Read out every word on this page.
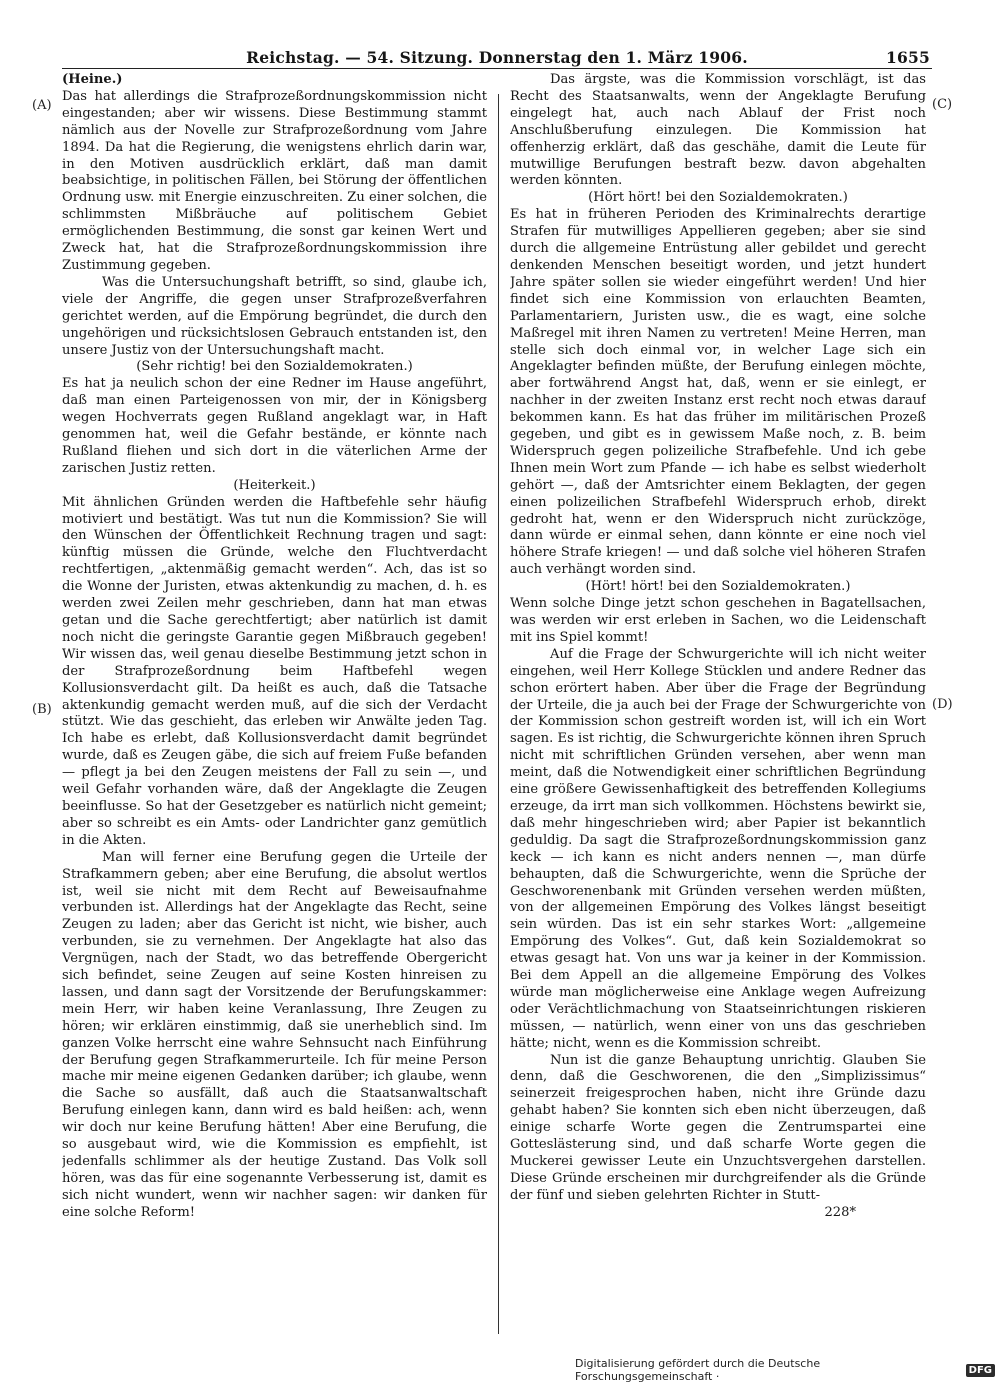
Reichstag. — 54. Sitzung. Donnerstag den 1. März 1906.	1655
(A)
(B)
(C)
(D)

(Heine.)

Das hat allerdings die Strafprozeßordnungskommission nicht eingestanden; aber wir wissens. Diese Bestimmung stammt nämlich aus der Novelle zur Strafprozeßordnung vom Jahre 1894. Da hat die Regierung, die wenigstens ehrlich darin war, in den Motiven ausdrücklich erklärt, daß man damit beabsichtige, in politischen Fällen, bei Störung der öffentlichen Ordnung usw. mit Energie einzuschreiten. Zu einer solchen, die schlimmsten Mißbräuche auf politischem Gebiet ermöglichenden Bestimmung, die sonst gar keinen Wert und Zweck hat, hat die Strafprozeßordnungskommission ihre Zustimmung gegeben.

Was die Untersuchungshaft betrifft, so sind, glaube ich, viele der Angriffe, die gegen unser Strafprozeßverfahren gerichtet werden, auf die Empörung begründet, die durch den ungehörigen und rücksichtslosen Gebrauch entstanden ist, den unsere Justiz von der Untersuchungshaft macht.

(Sehr richtig! bei den Sozialdemokraten.)

Es hat ja neulich schon der eine Redner im Hause angeführt, daß man einen Parteigenossen von mir, der in Königsberg wegen Hochverrats gegen Rußland angeklagt war, in Haft genommen hat, weil die Gefahr bestände, er könnte nach Rußland fliehen und sich dort in die väterlichen Arme der zarischen Justiz retten.

(Heiterkeit.)

Mit ähnlichen Gründen werden die Haftbefehle sehr häufig motiviert und bestätigt. Was tut nun die Kommission? Sie will den Wünschen der Öffentlichkeit Rechnung tragen und sagt: künftig müssen die Gründe, welche den Fluchtverdacht rechtfertigen, „aktenmäßig gemacht werden“. Ach, das ist so die Wonne der Juristen, etwas aktenkundig zu machen, d. h. es werden zwei Zeilen mehr geschrieben, dann hat man etwas getan und die Sache gerechtfertigt; aber natürlich ist damit noch nicht die geringste Garantie gegen Mißbrauch gegeben! Wir wissen das, weil genau dieselbe Bestimmung jetzt schon in der Strafprozeßordnung beim Haftbefehl wegen Kollusionsverdacht gilt. Da heißt es auch, daß die Tatsache aktenkundig gemacht werden muß, auf die sich der Verdacht stützt. Wie das geschieht, das erleben wir Anwälte jeden Tag. Ich habe es erlebt, daß Kollusionsverdacht damit begründet wurde, daß es Zeugen gäbe, die sich auf freiem Fuße befanden — pflegt ja bei den Zeugen meistens der Fall zu sein —, und weil Gefahr vorhanden wäre, daß der Angeklagte die Zeugen beeinflusse. So hat der Gesetzgeber es natürlich nicht gemeint; aber so schreibt es ein Amts- oder Landrichter ganz gemütlich in die Akten.

Man will ferner eine Berufung gegen die Urteile der Strafkammern geben; aber eine Berufung, die absolut wertlos ist, weil sie nicht mit dem Recht auf Beweisaufnahme verbunden ist. Allerdings hat der Angeklagte das Recht, seine Zeugen zu laden; aber das Gericht ist nicht, wie bisher, auch verbunden, sie zu vernehmen. Der Angeklagte hat also das Vergnügen, nach der Stadt, wo das betreffende Obergericht sich befindet, seine Zeugen auf seine Kosten hinreisen zu lassen, und dann sagt der Vorsitzende der Berufungskammer: mein Herr, wir haben keine Veranlassung, Ihre Zeugen zu hören; wir erklären einstimmig, daß sie unerheblich sind. Im ganzen Volke herrscht eine wahre Sehnsucht nach Einführung der Berufung gegen Strafkammerurteile. Ich für meine Person mache mir meine eigenen Gedanken darüber; ich glaube, wenn die Sache so ausfällt, daß auch die Staatsanwaltschaft Berufung einlegen kann, dann wird es bald heißen: ach, wenn wir doch nur keine Berufung hätten! Aber eine Berufung, die so ausgebaut wird, wie die Kommission es empfiehlt, ist jedenfalls schlimmer als der heutige Zustand. Das Volk soll hören, was das für eine sogenannte Verbesserung ist, damit es sich nicht wundert, wenn wir nachher sagen: wir danken für eine solche Reform!

Das ärgste, was die Kommission vorschlägt, ist das Recht des Staatsanwalts, wenn der Angeklagte Berufung eingelegt hat, auch nach Ablauf der Frist noch Anschlußberufung einzulegen. Die Kommission hat offenherzig erklärt, daß das geschähe, damit die Leute für mutwillige Berufungen bestraft bezw. davon abgehalten werden könnten.

(Hört hört! bei den Sozialdemokraten.)

Es hat in früheren Perioden des Kriminalrechts derartige Strafen für mutwilliges Appellieren gegeben; aber sie sind durch die allgemeine Entrüstung aller gebildet und gerecht denkenden Menschen beseitigt worden, und jetzt hundert Jahre später sollen sie wieder eingeführt werden! Und hier findet sich eine Kommission von erlauchten Beamten, Parlamentariern, Juristen usw., die es wagt, eine solche Maßregel mit ihren Namen zu vertreten! Meine Herren, man stelle sich doch einmal vor, in welcher Lage sich ein Angeklagter befinden müßte, der Berufung einlegen möchte, aber fortwährend Angst hat, daß, wenn er sie einlegt, er nachher in der zweiten Instanz erst recht noch etwas darauf bekommen kann. Es hat das früher im militärischen Prozeß gegeben, und gibt es in gewissem Maße noch, z. B. beim Widerspruch gegen polizeiliche Strafbefehle. Und ich gebe Ihnen mein Wort zum Pfande — ich habe es selbst wiederholt gehört —, daß der Amtsrichter einem Beklagten, der gegen einen polizeilichen Strafbefehl Widerspruch erhob, direkt gedroht hat, wenn er den Widerspruch nicht zurückzöge, dann würde er einmal sehen, dann könnte er eine noch viel höhere Strafe kriegen! — und daß solche viel höheren Strafen auch verhängt worden sind.

(Hört! hört! bei den Sozialdemokraten.)

Wenn solche Dinge jetzt schon geschehen in Bagatellsachen, was werden wir erst erleben in Sachen, wo die Leidenschaft mit ins Spiel kommt!

Auf die Frage der Schwurgerichte will ich nicht weiter eingehen, weil Herr Kollege Stücklen und andere Redner das schon erörtert haben. Aber über die Frage der Begründung der Urteile, die ja auch bei der Frage der Schwurgerichte von der Kommission schon gestreift worden ist, will ich ein Wort sagen. Es ist richtig, die Schwurgerichte können ihren Spruch nicht mit schriftlichen Gründen versehen, aber wenn man meint, daß die Notwendigkeit einer schriftlichen Begründung eine größere Gewissenhaftigkeit des betreffenden Kollegiums erzeuge, da irrt man sich vollkommen. Höchstens bewirkt sie, daß mehr hingeschrieben wird; aber Papier ist bekanntlich geduldig. Da sagt die Strafprozeßordnungskommission ganz keck — ich kann es nicht anders nennen —, man dürfe behaupten, daß die Schwurgerichte, wenn die Sprüche der Geschworenenbank mit Gründen versehen werden müßten, von der allgemeinen Empörung des Volkes längst beseitigt sein würden. Das ist ein sehr starkes Wort: „allgemeine Empörung des Volkes“. Gut, daß kein Sozialdemokrat so etwas gesagt hat. Von uns war ja keiner in der Kommission. Bei dem Appell an die allgemeine Empörung des Volkes würde man möglicherweise eine Anklage wegen Aufreizung oder Verächtlichmachung von Staatseinrichtungen riskieren müssen, — natürlich, wenn einer von uns das geschrieben hätte; nicht, wenn es die Kommission schreibt.

Nun ist die ganze Behauptung unrichtig. Glauben Sie denn, daß die Geschworenen, die den „Simplizissimus“ seinerzeit freigesprochen haben, nicht ihre Gründe dazu gehabt haben? Sie konnten sich eben nicht überzeugen, daß einige scharfe Worte gegen die Zentrumspartei eine Gotteslästerung sind, und daß scharfe Worte gegen die Muckerei gewisser Leute ein Unzuchtsvergehen darstellen. Diese Gründe erscheinen mir durchgreifender als die Gründe der fünf und sieben gelehrten Richter in Stutt-

228*

Digitalisierung gefördert durch die Deutsche Forschungsgemeinschaft ·	DFG
